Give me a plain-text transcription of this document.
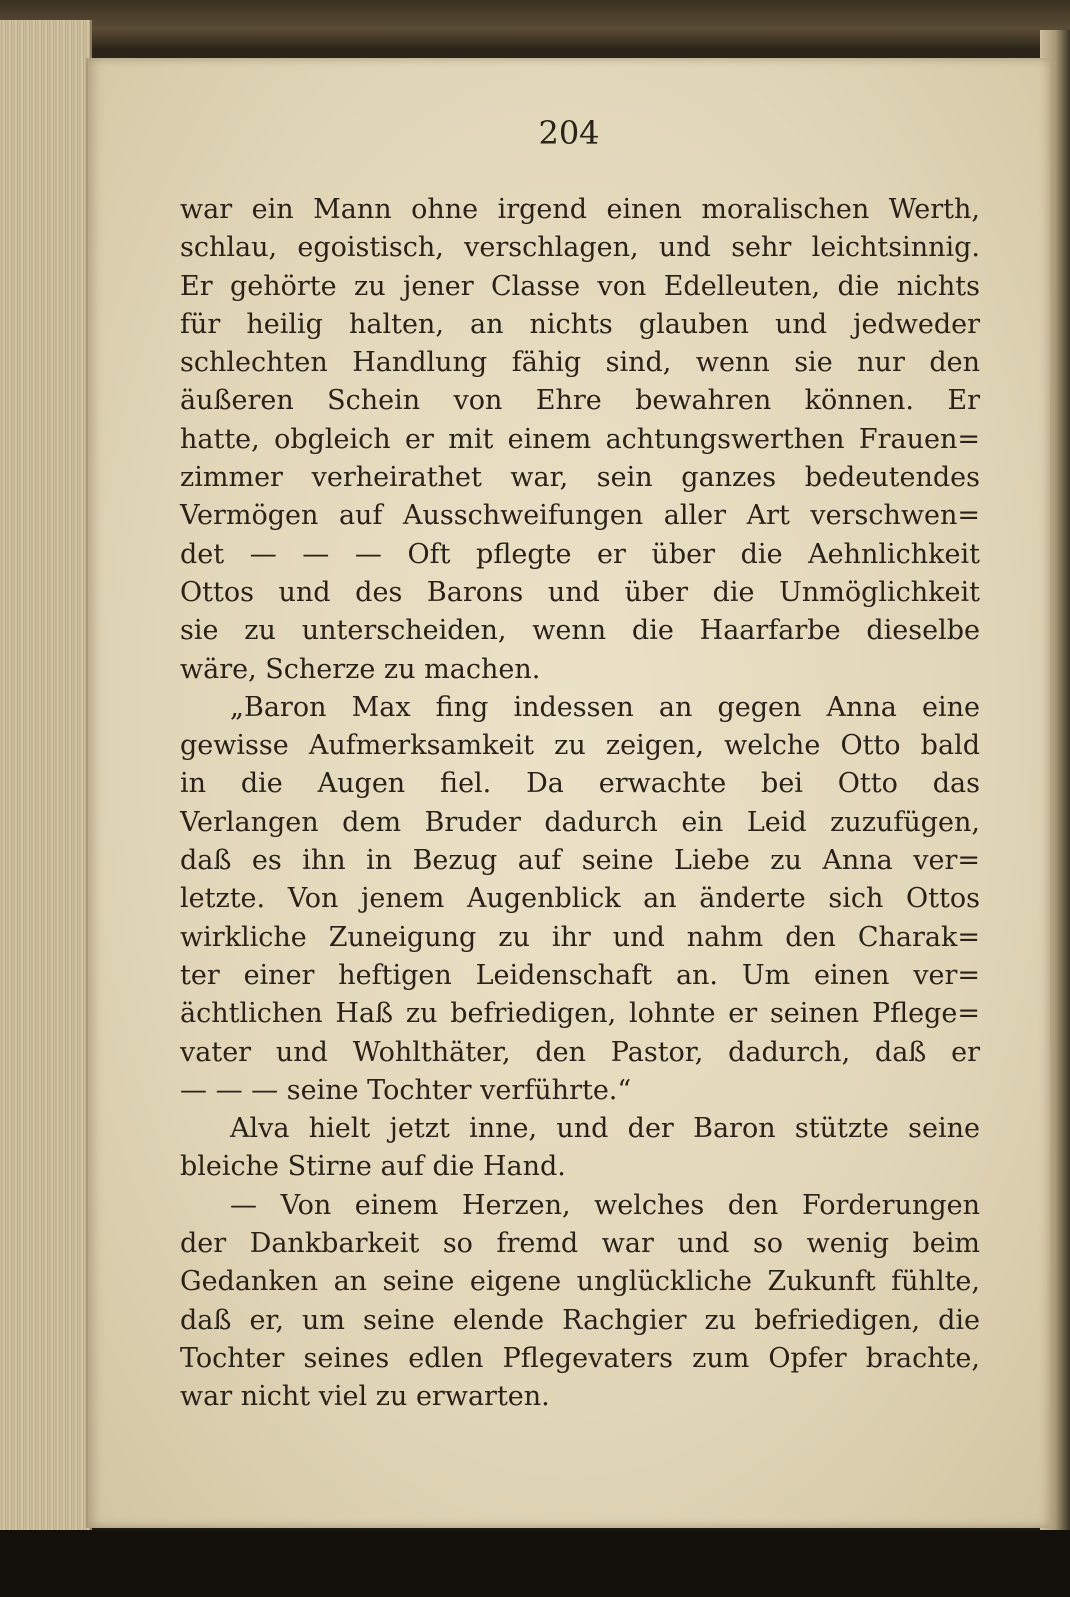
204
war ein Mann ohne irgend einen moralischen Werth,
schlau, egoistisch, verschlagen, und sehr leichtsinnig.
Er gehörte zu jener Classe von Edelleuten, die nichts
für heilig halten, an nichts glauben und jedweder
schlechten Handlung fähig sind, wenn sie nur den
äußeren Schein von Ehre bewahren können. Er
hatte, obgleich er mit einem achtungswerthen Frauen=
zimmer verheirathet war, sein ganzes bedeutendes
Vermögen auf Ausschweifungen aller Art verschwen=
det — — — Oft pflegte er über die Aehnlichkeit
Ottos und des Barons und über die Unmöglichkeit
sie zu unterscheiden, wenn die Haarfarbe dieselbe
wäre, Scherze zu machen.
„Baron Max fing indessen an gegen Anna eine
gewisse Aufmerksamkeit zu zeigen, welche Otto bald
in die Augen fiel. Da erwachte bei Otto das
Verlangen dem Bruder dadurch ein Leid zuzufügen,
daß es ihn in Bezug auf seine Liebe zu Anna ver=
letzte. Von jenem Augenblick an änderte sich Ottos
wirkliche Zuneigung zu ihr und nahm den Charak=
ter einer heftigen Leidenschaft an. Um einen ver=
ächtlichen Haß zu befriedigen, lohnte er seinen Pflege=
vater und Wohlthäter, den Pastor, dadurch, daß er
— — — seine Tochter verführte.“
Alva hielt jetzt inne, und der Baron stützte seine
bleiche Stirne auf die Hand.
— Von einem Herzen, welches den Forderungen
der Dankbarkeit so fremd war und so wenig beim
Gedanken an seine eigene unglückliche Zukunft fühlte,
daß er, um seine elende Rachgier zu befriedigen, die
Tochter seines edlen Pflegevaters zum Opfer brachte,
war nicht viel zu erwarten.
